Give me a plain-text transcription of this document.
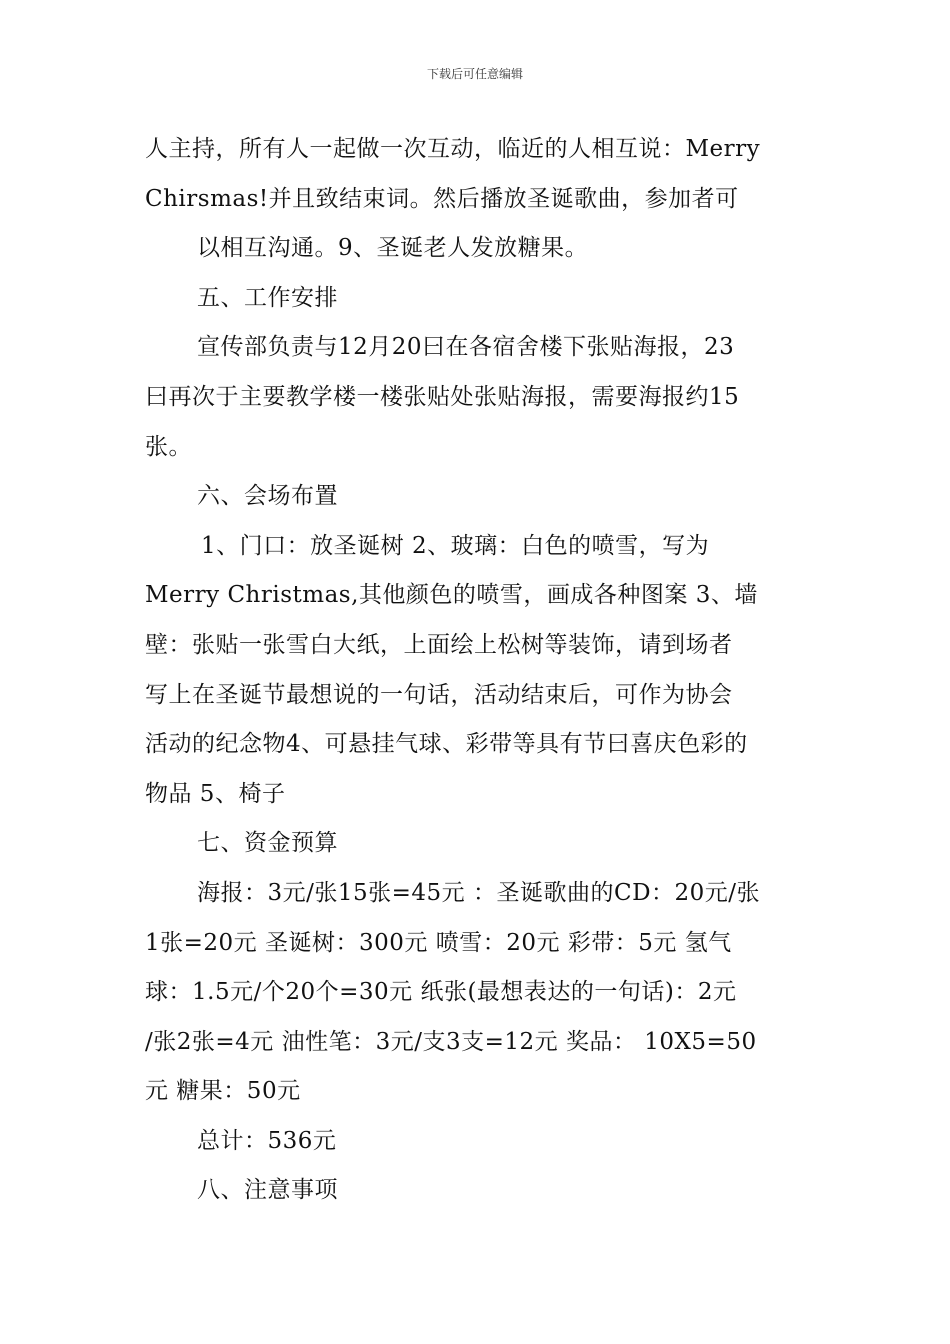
下载后可任意编辑
人主持，所有人一起做一次互动，临近的人相互说：Merry
Chirsmas!并且致结束词。然后播放圣诞歌曲，参加者可
以相互沟通。9、圣诞老人发放糖果。
五、工作安排
宣传部负责与12月20曰在各宿舍楼下张贴海报，23
曰再次于主要教学楼一楼张贴处张贴海报，需要海报约15
张。
六、会场布置
1、门口：放圣诞树 2、玻璃：白色的喷雪，写为
Merry Christmas,其他颜色的喷雪，画成各种图案 3、墙
壁：张贴一张雪白大纸，上面绘上松树等装饰，请到场者
写上在圣诞节最想说的一句话，活动结束后，可作为协会
活动的纪念物4、可悬挂气球、彩带等具有节曰喜庆色彩的
物品 5、椅子
七、资金预算
海报：3元/张15张=45元 ：圣诞歌曲的CD：20元/张
1张=20元 圣诞树：300元 喷雪：20元 彩带：5元 氢气
球：1.5元/个20个=30元 纸张(最想表达的一句话)：2元
/张2张=4元 油性笔：3元/支3支=12元 奖品： 10X5=50
元 糖果：50元
总计：536元
八、注意事项
